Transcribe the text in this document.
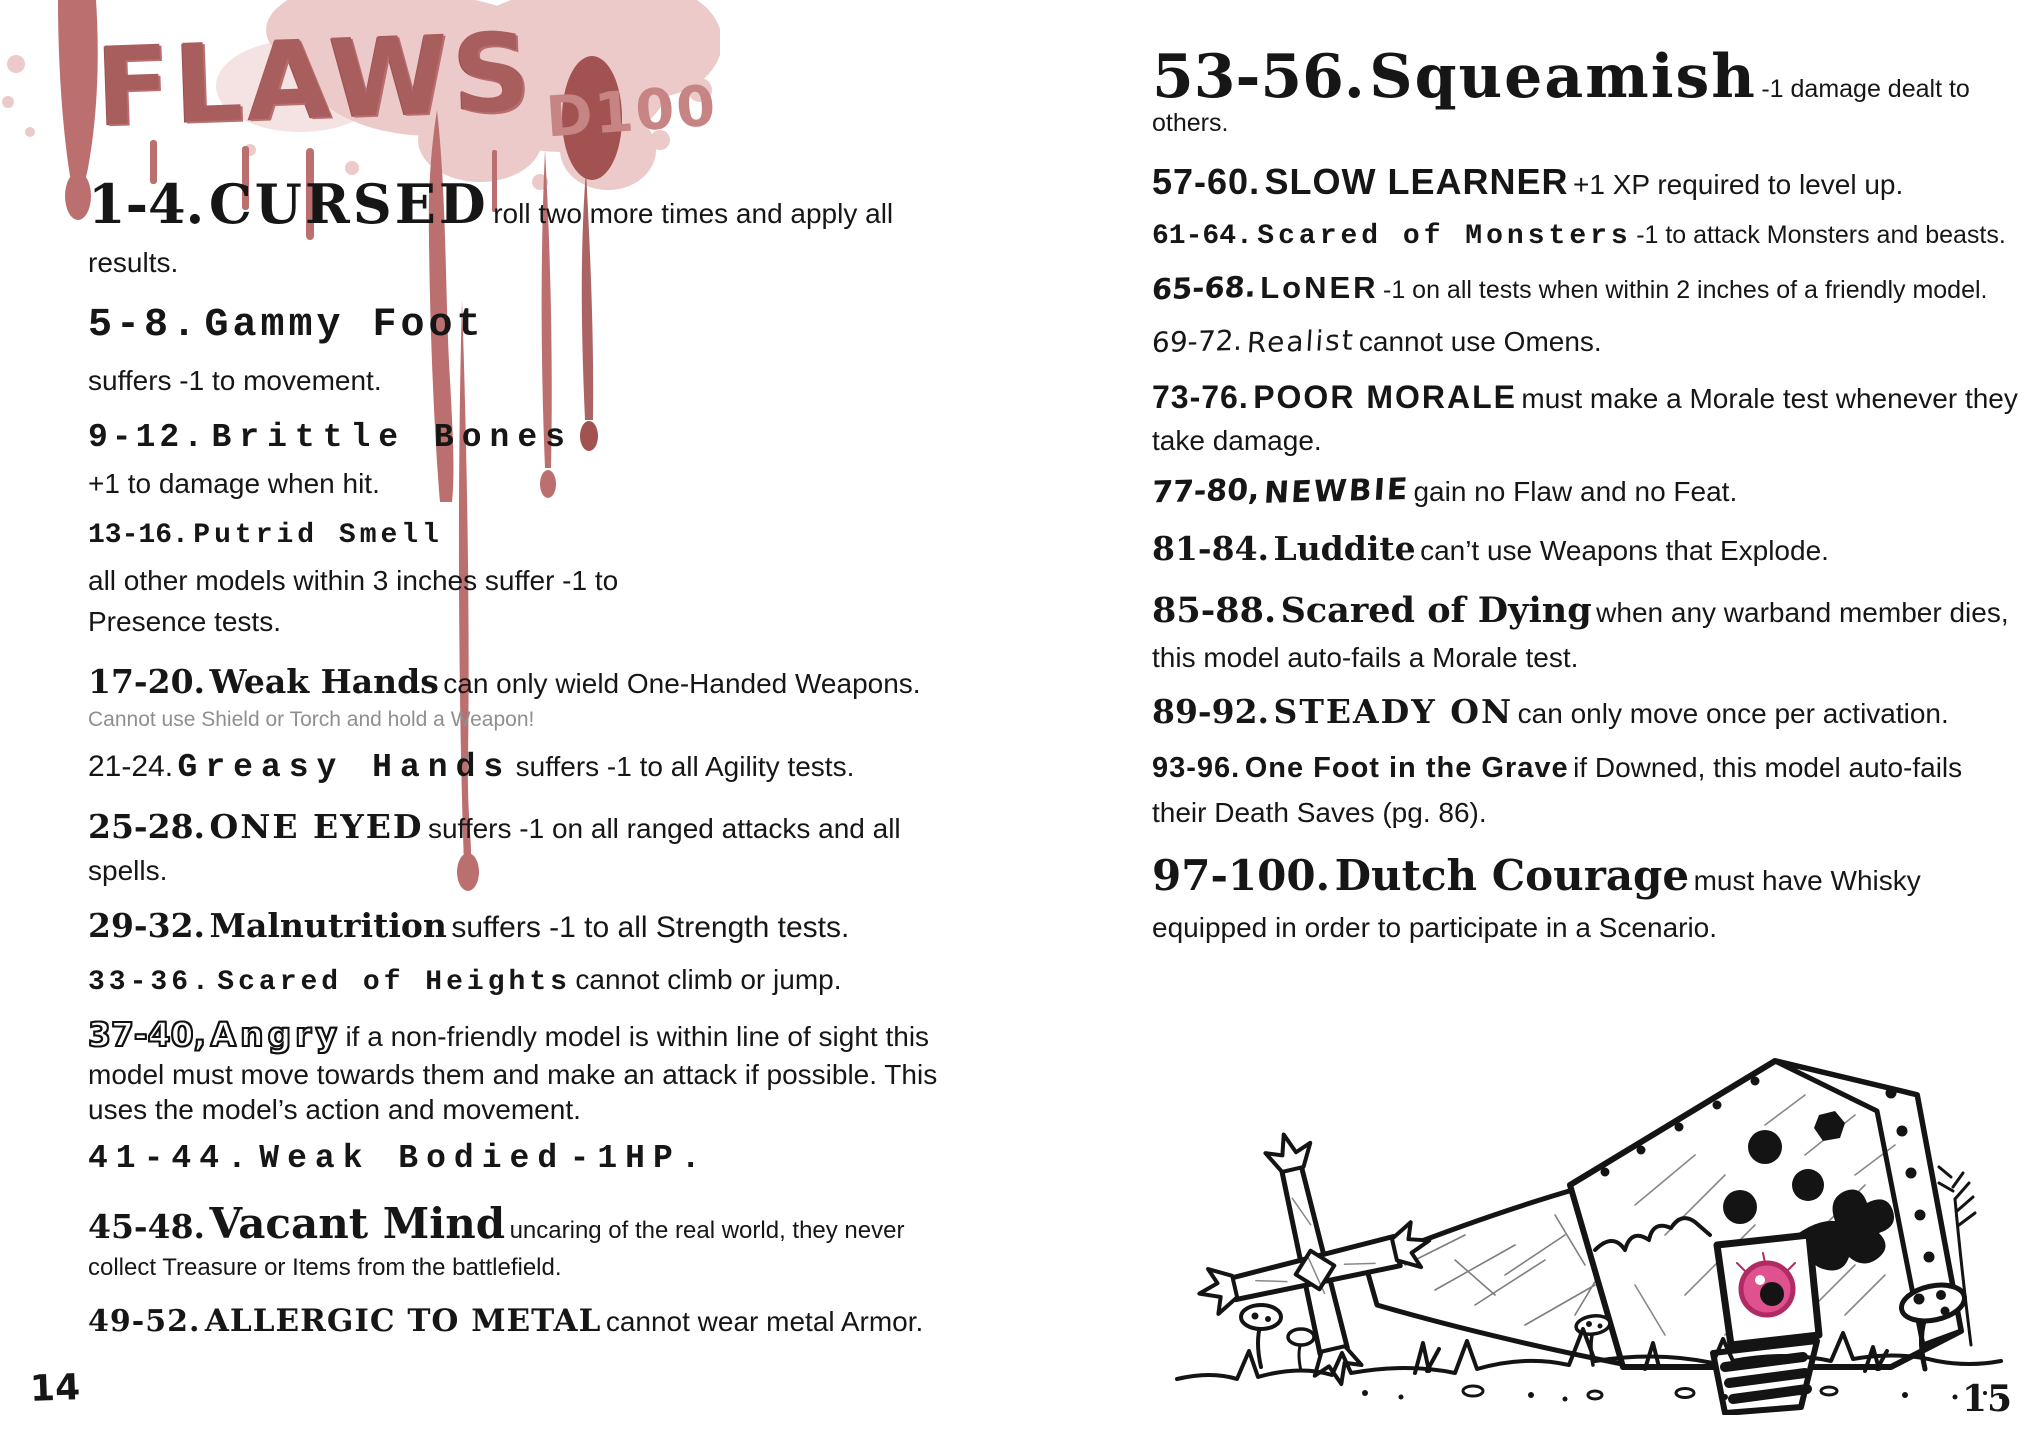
FLAWS D100
1-4. CURSED roll two more times and apply all results.
5-8. Gammy Foot
suffers -1 to movement.
9-12. Brittle Bones
+1 to damage when hit.
13-16. Putrid Smell
all other models within 3 inches suffer -1 to Presence tests.
17-20. Weak Hands can only wield One-Handed Weapons. Cannot use Shield or Torch and hold a Weapon!
21-24. Greasy Hands suffers -1 to all Agility tests.
25-28. ONE EYED suffers -1 on all ranged attacks and all spells.
29-32. Malnutrition suffers -1 to all Strength tests.
33-36. Scared of Heights cannot climb or jump.
37-40, Angry if a non-friendly model is within line of sight this model must move towards them and make an attack if possible. This uses the model’s action and movement.
41-44. Weak Bodied -1HP.
45-48. Vacant Mind uncaring of the real world, they never collect Treasure or Items from the battlefield.
49-52. ALLERGIC TO METAL cannot wear metal Armor.
53-56. Squeamish -1 damage dealt to others.
57-60. SLOW LEARNER +1 XP required to level up.
61-64. Scared of Monsters -1 to attack Monsters and beasts.
65-68. LoNER -1 on all tests when within 2 inches of a friendly model.
69-72. Realist cannot use Omens.
73-76. POOR MORALE must make a Morale test whenever they take damage.
77-80, NEWBIE gain no Flaw and no Feat.
81-84. Luddite can’t use Weapons that Explode.
85-88. Scared of Dying when any warband member dies, this model auto-fails a Morale test.
89-92. STEADY ON can only move once per activation.
93-96. One Foot in the Grave if Downed, this model auto-fails their Death Saves (pg. 86).
97-100. Dutch Courage must have Whisky equipped in order to participate in a Scenario.
14	15
